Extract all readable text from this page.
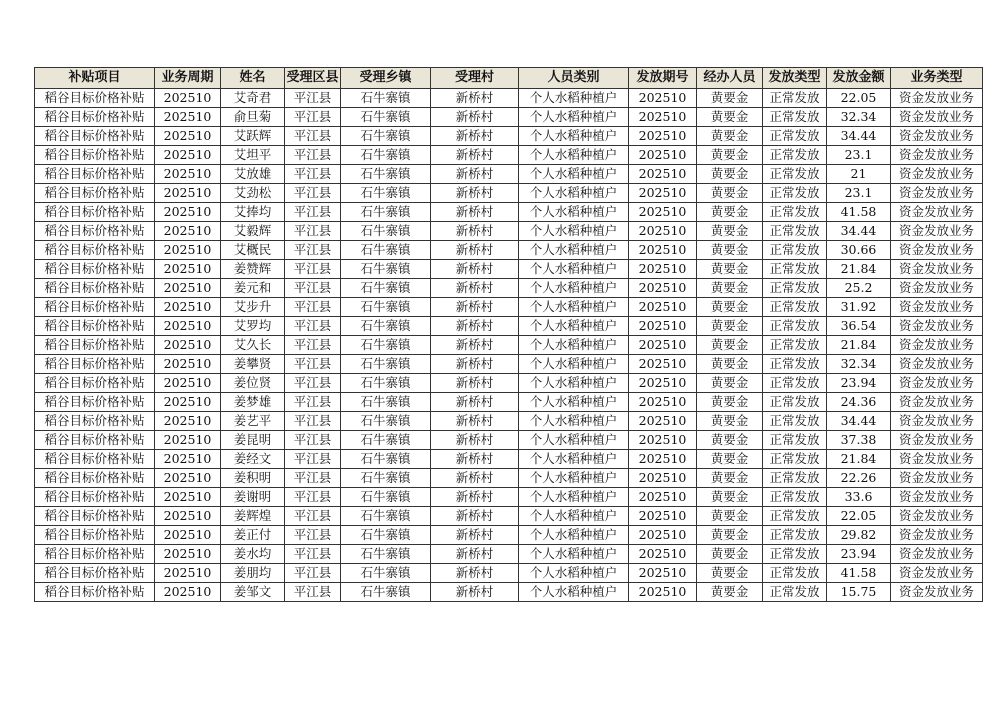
补贴项目	业务周期	姓名	受理区县	受理乡镇	受理村	人员类别	发放期号	经办人员	发放类型	发放金额	业务类型
稻谷目标价格补贴	202510	艾奇君	平江县	石牛寨镇	新桥村	个人水稻种植户	202510	黄要金	正常发放	22.05	资金发放业务
稻谷目标价格补贴	202510	俞旦菊	平江县	石牛寨镇	新桥村	个人水稻种植户	202510	黄要金	正常发放	32.34	资金发放业务
稻谷目标价格补贴	202510	艾跃辉	平江县	石牛寨镇	新桥村	个人水稻种植户	202510	黄要金	正常发放	34.44	资金发放业务
稻谷目标价格补贴	202510	艾坦平	平江县	石牛寨镇	新桥村	个人水稻种植户	202510	黄要金	正常发放	23.1	资金发放业务
稻谷目标价格补贴	202510	艾放雄	平江县	石牛寨镇	新桥村	个人水稻种植户	202510	黄要金	正常发放	21	资金发放业务
稻谷目标价格补贴	202510	艾劲松	平江县	石牛寨镇	新桥村	个人水稻种植户	202510	黄要金	正常发放	23.1	资金发放业务
稻谷目标价格补贴	202510	艾捧均	平江县	石牛寨镇	新桥村	个人水稻种植户	202510	黄要金	正常发放	41.58	资金发放业务
稻谷目标价格补贴	202510	艾毅辉	平江县	石牛寨镇	新桥村	个人水稻种植户	202510	黄要金	正常发放	34.44	资金发放业务
稻谷目标价格补贴	202510	艾概民	平江县	石牛寨镇	新桥村	个人水稻种植户	202510	黄要金	正常发放	30.66	资金发放业务
稻谷目标价格补贴	202510	姜赞辉	平江县	石牛寨镇	新桥村	个人水稻种植户	202510	黄要金	正常发放	21.84	资金发放业务
稻谷目标价格补贴	202510	姜元和	平江县	石牛寨镇	新桥村	个人水稻种植户	202510	黄要金	正常发放	25.2	资金发放业务
稻谷目标价格补贴	202510	艾步升	平江县	石牛寨镇	新桥村	个人水稻种植户	202510	黄要金	正常发放	31.92	资金发放业务
稻谷目标价格补贴	202510	艾罗均	平江县	石牛寨镇	新桥村	个人水稻种植户	202510	黄要金	正常发放	36.54	资金发放业务
稻谷目标价格补贴	202510	艾久长	平江县	石牛寨镇	新桥村	个人水稻种植户	202510	黄要金	正常发放	21.84	资金发放业务
稻谷目标价格补贴	202510	姜攀贤	平江县	石牛寨镇	新桥村	个人水稻种植户	202510	黄要金	正常发放	32.34	资金发放业务
稻谷目标价格补贴	202510	姜位贤	平江县	石牛寨镇	新桥村	个人水稻种植户	202510	黄要金	正常发放	23.94	资金发放业务
稻谷目标价格补贴	202510	姜梦雄	平江县	石牛寨镇	新桥村	个人水稻种植户	202510	黄要金	正常发放	24.36	资金发放业务
稻谷目标价格补贴	202510	姜艺平	平江县	石牛寨镇	新桥村	个人水稻种植户	202510	黄要金	正常发放	34.44	资金发放业务
稻谷目标价格补贴	202510	姜昆明	平江县	石牛寨镇	新桥村	个人水稻种植户	202510	黄要金	正常发放	37.38	资金发放业务
稻谷目标价格补贴	202510	姜经文	平江县	石牛寨镇	新桥村	个人水稻种植户	202510	黄要金	正常发放	21.84	资金发放业务
稻谷目标价格补贴	202510	姜积明	平江县	石牛寨镇	新桥村	个人水稻种植户	202510	黄要金	正常发放	22.26	资金发放业务
稻谷目标价格补贴	202510	姜谢明	平江县	石牛寨镇	新桥村	个人水稻种植户	202510	黄要金	正常发放	33.6	资金发放业务
稻谷目标价格补贴	202510	姜辉煌	平江县	石牛寨镇	新桥村	个人水稻种植户	202510	黄要金	正常发放	22.05	资金发放业务
稻谷目标价格补贴	202510	姜正付	平江县	石牛寨镇	新桥村	个人水稻种植户	202510	黄要金	正常发放	29.82	资金发放业务
稻谷目标价格补贴	202510	姜水均	平江县	石牛寨镇	新桥村	个人水稻种植户	202510	黄要金	正常发放	23.94	资金发放业务
稻谷目标价格补贴	202510	姜朋均	平江县	石牛寨镇	新桥村	个人水稻种植户	202510	黄要金	正常发放	41.58	资金发放业务
稻谷目标价格补贴	202510	姜邹文	平江县	石牛寨镇	新桥村	个人水稻种植户	202510	黄要金	正常发放	15.75	资金发放业务
